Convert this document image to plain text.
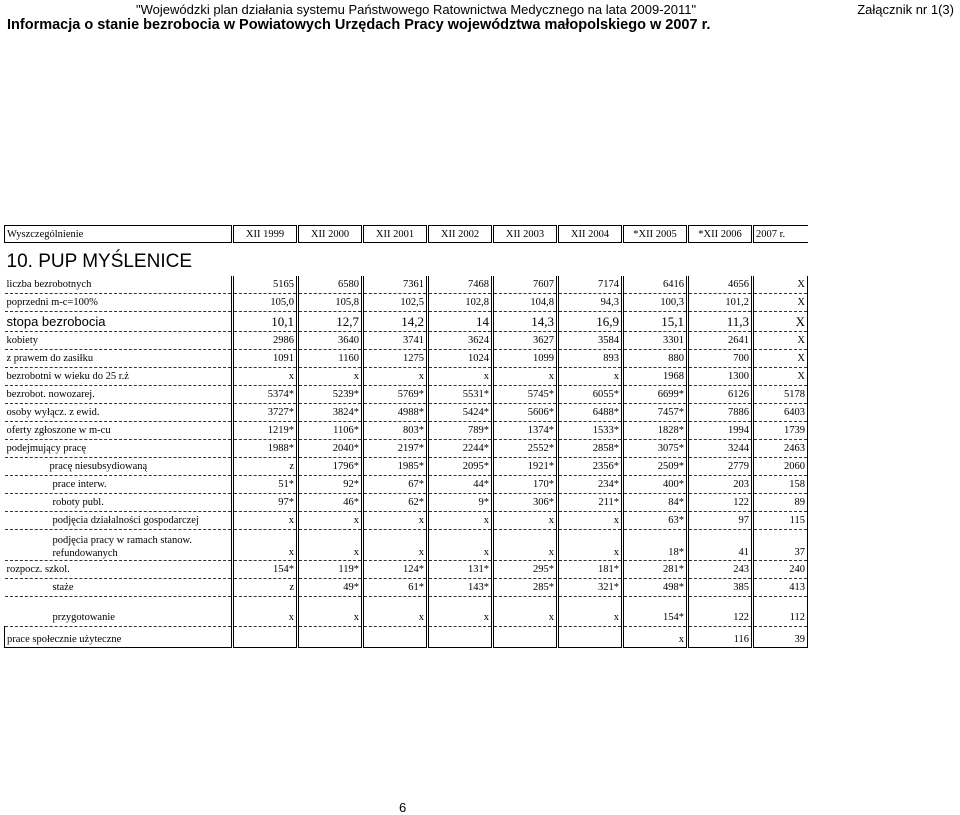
"Wojewódzki plan działania systemu Państwowego Ratownictwa Medycznego na lata 2009-2011"	Załącznik nr 1(3)
Informacja o stanie bezrobocia w Powiatowych Urzędach Pracy województwa małopolskiego w 2007 r.
Wyszczególnienie	XII 1999	XII 2000	XII 2001	XII 2002	XII 2003	XII 2004	*XII 2005	*XII 2006	2007 r.

10. PUP MYŚLENICE									

liczba bezrobotnych	5165	6580	7361	7468	7607	7174	6416	4656	X
poprzedni m-c=100%	105,0	105,8	102,5	102,8	104,8	94,3	100,3	101,2	X
stopa bezrobocia	10,1	12,7	14,2	14	14,3	16,9	15,1	11,3	X
kobiety	2986	3640	3741	3624	3627	3584	3301	2641	X
z prawem do zasiłku	1091	1160	1275	1024	1099	893	880	700	X
bezrobotni w wieku do 25 r.ż	x	x	x	x	x	x	1968	1300	X
bezrobot. nowozarej.	5374*	5239*	5769*	5531*	5745*	6055*	6699*	6126	5178
osoby wyłącz. z ewid.	3727*	3824*	4988*	5424*	5606*	6488*	7457*	7886	6403
oferty zgłoszone w m-cu	1219*	1106*	803*	789*	1374*	1533*	1828*	1994	1739
podejmujący pracę	1988*	2040*	2197*	2244*	2552*	2858*	3075*	3244	2463
pracę niesubsydiowaną	z	1796*	1985*	2095*	1921*	2356*	2509*	2779	2060
prace interw.	51*	92*	67*	44*	170*	234*	400*	203	158
roboty publ.	97*	46*	62*	9*	306*	211*	84*	122	89
podjęcia działalności gospodarczej	x	x	x	x	x	x	63*	97	115
podjęcia pracy w ramach stanow. refundowanych	x	x	x	x	x	x	18*	41	37
rozpocz. szkol.	154*	119*	124*	131*	295*	181*	281*	243	240
staże	z	49*	61*	143*	285*	321*	498*	385	413

przygotowanie	x	x	x	x	x	x	154*	122	112
prace społecznie użyteczne							x	116	39
6
